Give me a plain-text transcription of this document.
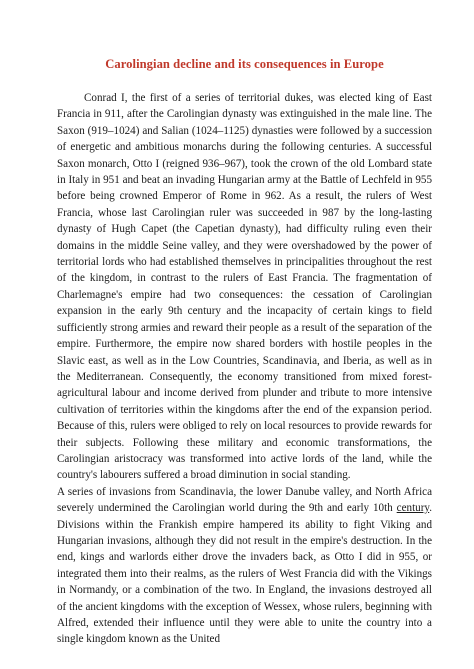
Carolingian decline and its consequences in Europe
Conrad I, the first of a series of territorial dukes, was elected king of East Francia in 911, after the Carolingian dynasty was extinguished in the male line. The Saxon (919–1024) and Salian (1024–1125) dynasties were followed by a succession of energetic and ambitious monarchs during the following centuries. A successful Saxon monarch, Otto I (reigned 936–967), took the crown of the old Lombard state in Italy in 951 and beat an invading Hungarian army at the Battle of Lechfeld in 955 before being crowned Emperor of Rome in 962. As a result, the rulers of West Francia, whose last Carolingian ruler was succeeded in 987 by the long-lasting dynasty of Hugh Capet (the Capetian dynasty), had difficulty ruling even their domains in the middle Seine valley, and they were overshadowed by the power of territorial lords who had established themselves in principalities throughout the rest of the kingdom, in contrast to the rulers of East Francia. The fragmentation of Charlemagne's empire had two consequences: the cessation of Carolingian expansion in the early 9th century and the incapacity of certain kings to field sufficiently strong armies and reward their people as a result of the separation of the empire. Furthermore, the empire now shared borders with hostile peoples in the Slavic east, as well as in the Low Countries, Scandinavia, and Iberia, as well as in the Mediterranean. Consequently, the economy transitioned from mixed forest-agricultural labour and income derived from plunder and tribute to more intensive cultivation of territories within the kingdoms after the end of the expansion period. Because of this, rulers were obliged to rely on local resources to provide rewards for their subjects. Following these military and economic transformations, the Carolingian aristocracy was transformed into active lords of the land, while the country's labourers suffered a broad diminution in social standing.
A series of invasions from Scandinavia, the lower Danube valley, and North Africa severely undermined the Carolingian world during the 9th and early 10th century. Divisions within the Frankish empire hampered its ability to fight Viking and Hungarian invasions, although they did not result in the empire's destruction. In the end, kings and warlords either drove the invaders back, as Otto I did in 955, or integrated them into their realms, as the rulers of West Francia did with the Vikings in Normandy, or a combination of the two. In England, the invasions destroyed all of the ancient kingdoms with the exception of Wessex, whose rulers, beginning with Alfred, extended their influence until they were able to unite the country into a single kingdom known as the United
